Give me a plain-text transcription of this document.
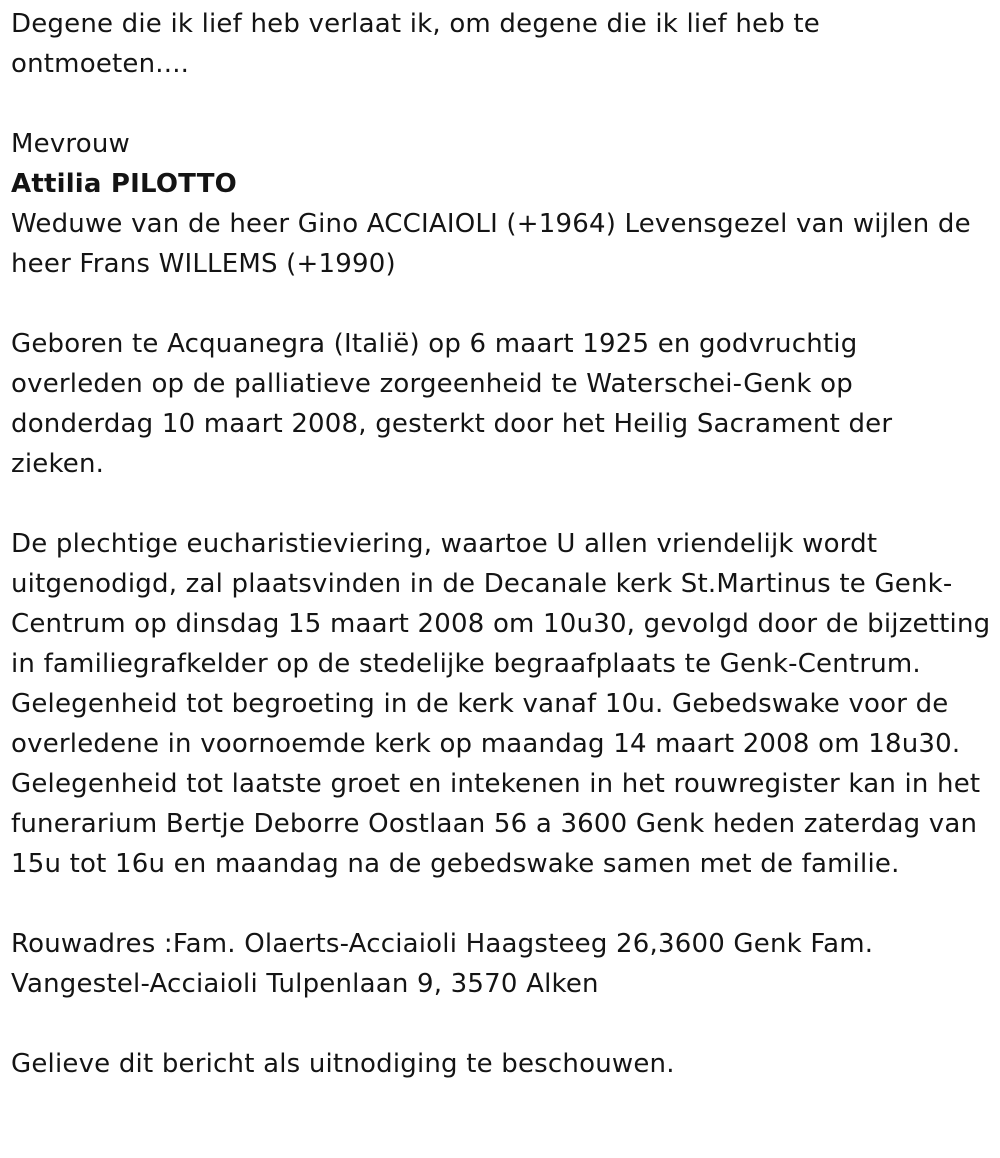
Degene die ik lief heb verlaat ik, om degene die ik lief heb te ontmoeten....

Mevrouw

Attilia PILOTTO

Weduwe van de heer Gino ACCIAIOLI (+1964) Levensgezel van wijlen de heer Frans WILLEMS (+1990)

Geboren te Acquanegra (Italië) op 6 maart 1925 en godvruchtig overleden op de palliatieve zorgeenheid te Waterschei-Genk op donderdag 10 maart 2008, gesterkt door het Heilig Sacrament der zieken.

De plechtige eucharistieviering, waartoe U allen vriendelijk wordt uitgenodigd, zal plaatsvinden in de Decanale kerk St.Martinus te Genk-Centrum op dinsdag 15 maart 2008 om 10u30, gevolgd door de bijzetting in familiegrafkelder op de stedelijke begraafplaats te Genk-Centrum. Gelegenheid tot begroeting in de kerk vanaf 10u. Gebedswake voor de overledene in voornoemde kerk op maandag 14 maart 2008 om 18u30. Gelegenheid tot laatste groet en intekenen in het rouwregister kan in het funerarium Bertje Deborre Oostlaan 56 a 3600 Genk heden zaterdag van 15u tot 16u en maandag na de gebedswake samen met de familie.

Rouwadres :Fam. Olaerts-Acciaioli Haagsteeg 26,3600 Genk Fam. Vangestel-Acciaioli Tulpenlaan 9, 3570 Alken

Gelieve dit bericht als uitnodiging te beschouwen.
